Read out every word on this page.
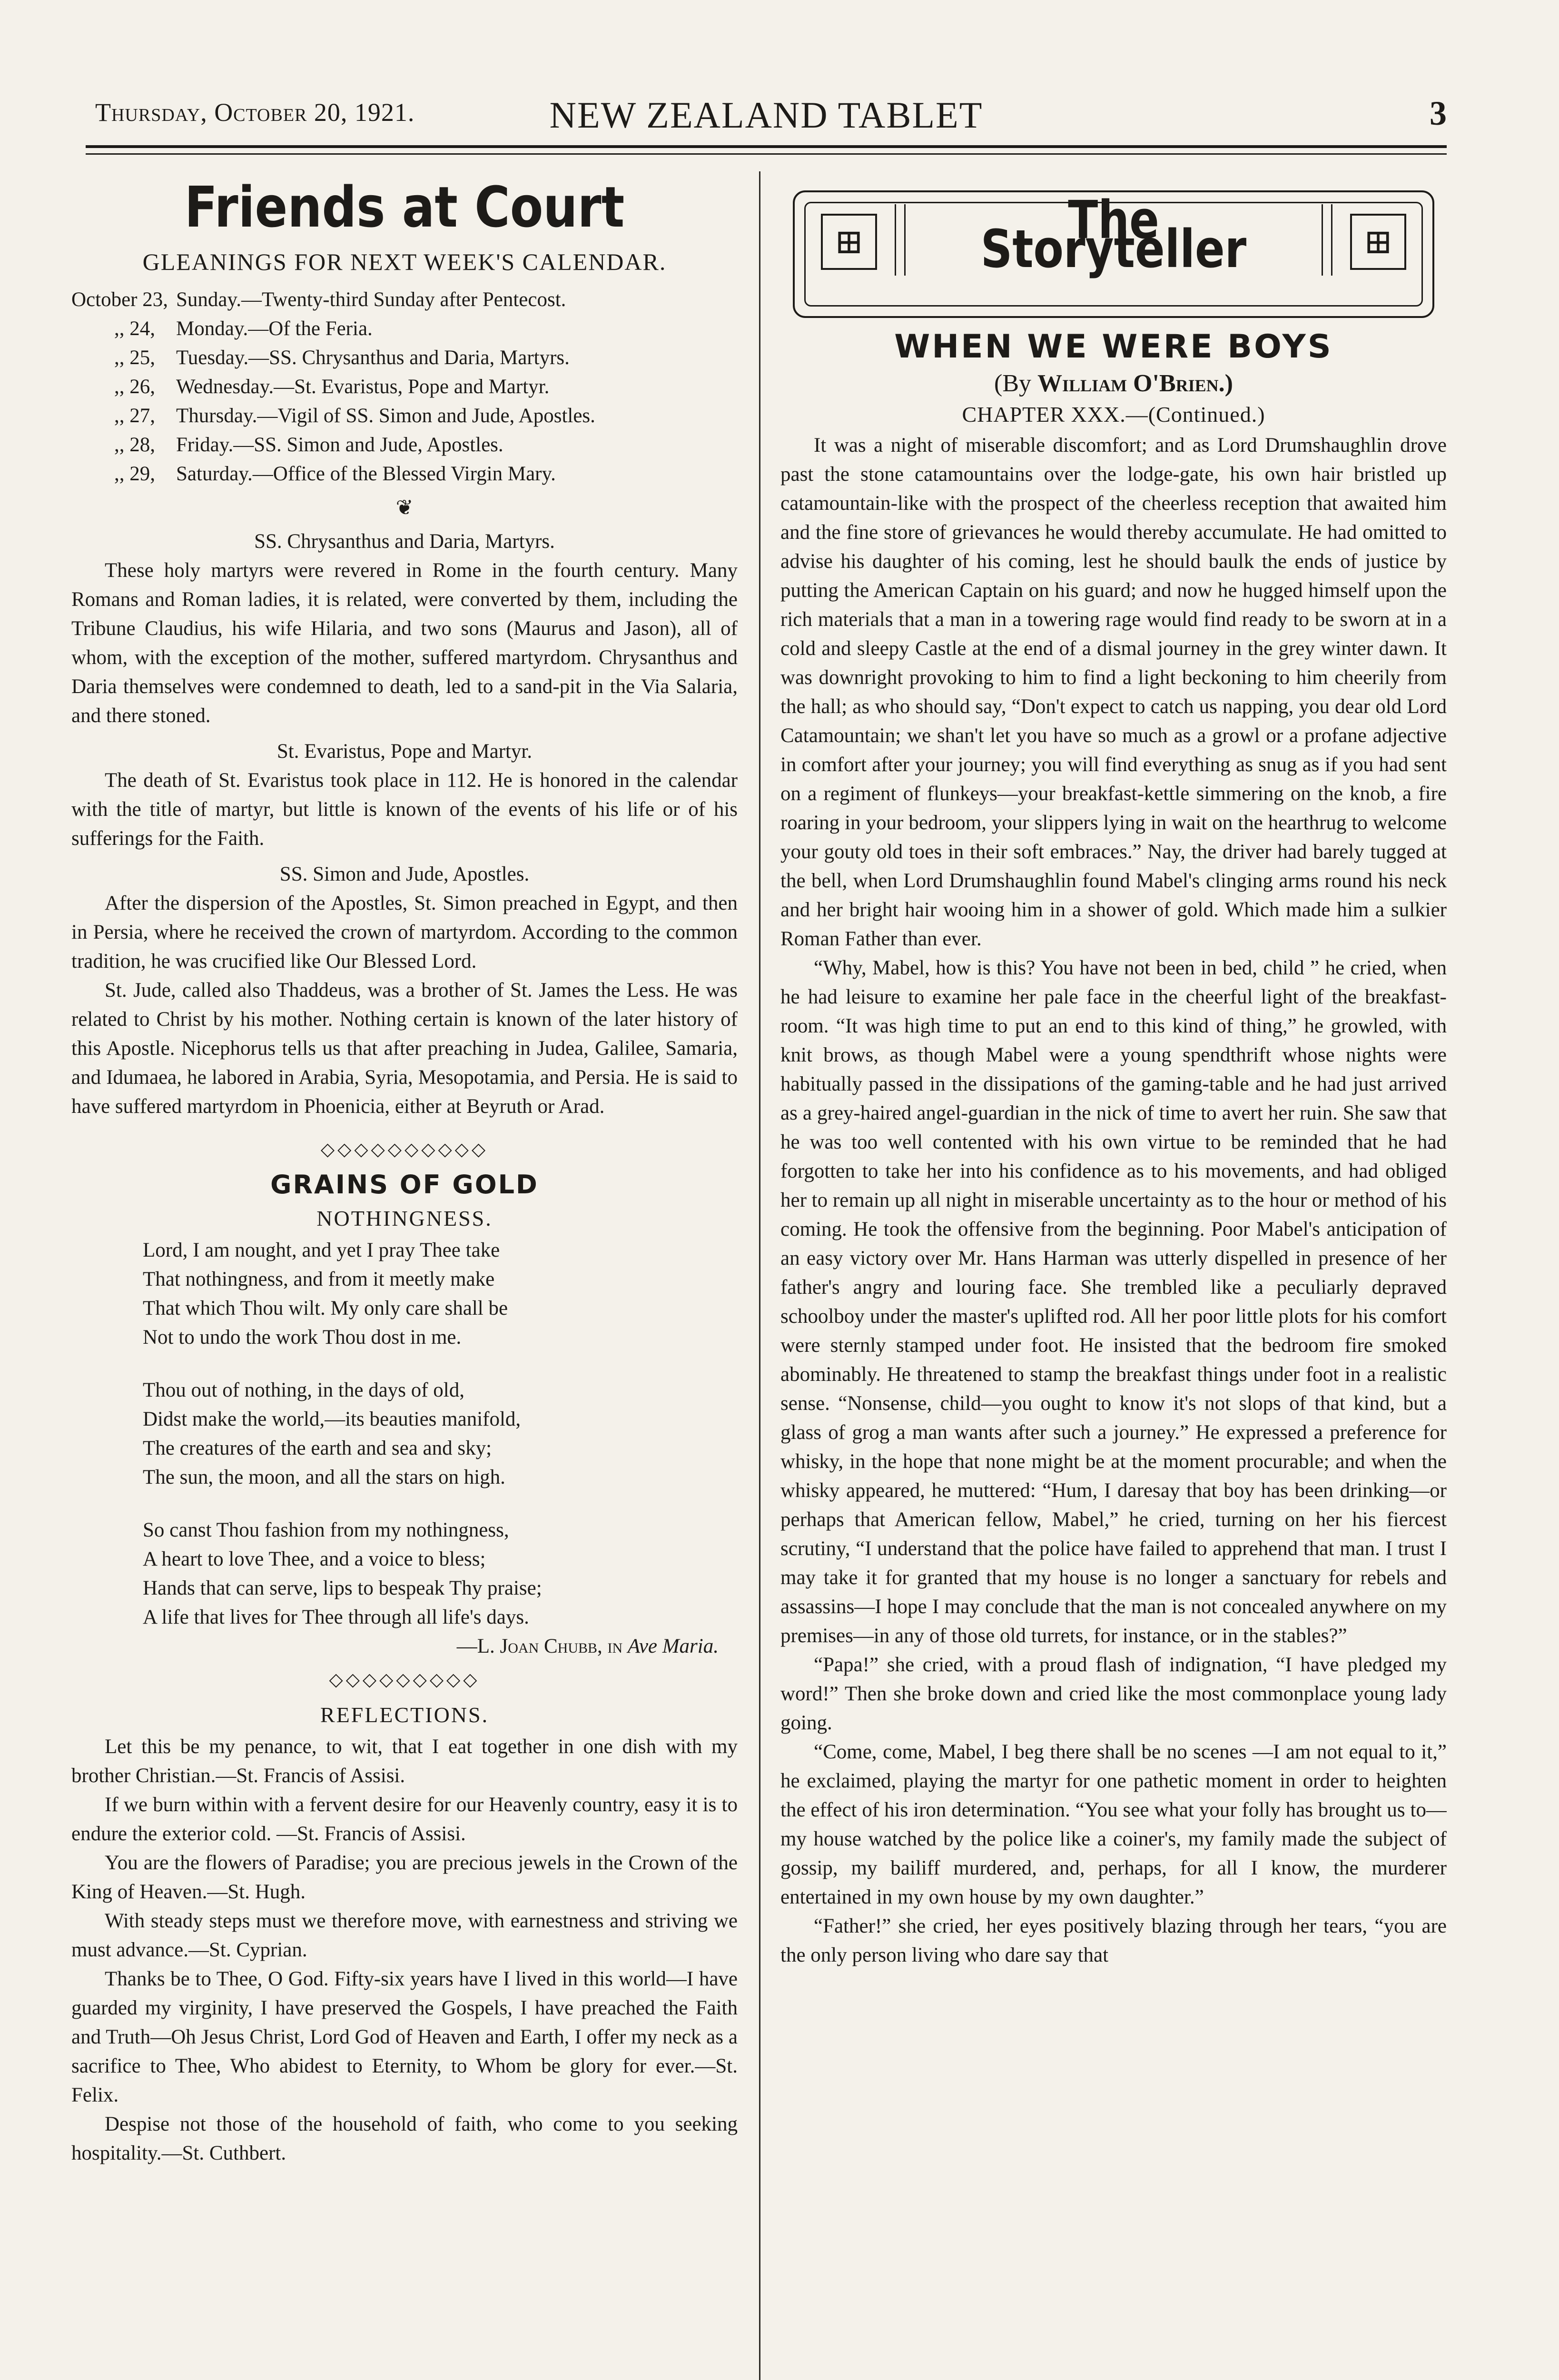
Thursday, October 20, 1921.	NEW ZEALAND TABLET	3
Friends at Court
GLEANINGS FOR NEXT WEEK'S CALENDAR.
October 23, Sunday.—Twenty-third Sunday after Pentecost.
,, 24,	Monday.—Of the Feria.
,, 25,	Tuesday.—SS. Chrysanthus and Daria, Martyrs.
,, 26,	Wednesday.—St. Evaristus, Pope and Martyr.
,, 27,	Thursday.—Vigil of SS. Simon and Jude, Apostles.
,, 28,	Friday.—SS. Simon and Jude, Apostles.
,, 29,	Saturday.—Office of the Blessed Virgin Mary.
❦

SS. Chrysanthus and Daria, Martyrs.

These holy martyrs were revered in Rome in the fourth century. Many Romans and Roman ladies, it is related, were converted by them, including the Tribune Claudius, his wife Hilaria, and two sons (Maurus and Jason), all of whom, with the exception of the mother, suffered martyrdom. Chrysanthus and Daria themselves were condemned to death, led to a sand-pit in the Via Salaria, and there stoned.

St. Evaristus, Pope and Martyr.

The death of St. Evaristus took place in 112. He is honored in the calendar with the title of martyr, but little is known of the events of his life or of his sufferings for the Faith.

SS. Simon and Jude, Apostles.

After the dispersion of the Apostles, St. Simon preached in Egypt, and then in Persia, where he received the crown of martyrdom. According to the common tradition, he was crucified like Our Blessed Lord.

St. Jude, called also Thaddeus, was a brother of St. James the Less. He was related to Christ by his mother. Nothing certain is known of the later history of this Apostle. Nicephorus tells us that after preaching in Judea, Galilee, Samaria, and Idumaea, he labored in Arabia, Syria, Mesopotamia, and Persia. He is said to have suffered martyrdom in Phoenicia, either at Beyruth or Arad.

◇◇◇◇◇◇◇◇◇◇
GRAINS OF GOLD
NOTHINGNESS.
Lord, I am nought, and yet I pray Thee take
That nothingness, and from it meetly make
That which Thou wilt. My only care shall be
Not to undo the work Thou dost in me.
Thou out of nothing, in the days of old,
Didst make the world,—its beauties manifold,
The creatures of the earth and sea and sky;
The sun, the moon, and all the stars on high.
So canst Thou fashion from my nothingness,
A heart to love Thee, and a voice to bless;
Hands that can serve, lips to bespeak Thy praise;
A life that lives for Thee through all life's days.
—L. Joan Chubb, in Ave Maria.
◇◇◇◇◇◇◇◇◇
REFLECTIONS.

Let this be my penance, to wit, that I eat together in one dish with my brother Christian.—St. Francis of Assisi.

If we burn within with a fervent desire for our Heavenly country, easy it is to endure the exterior cold. —St. Francis of Assisi.

You are the flowers of Paradise; you are precious jewels in the Crown of the King of Heaven.—St. Hugh.

With steady steps must we therefore move, with earnestness and striving we must advance.—St. Cyprian.

Thanks be to Thee, O God. Fifty-six years have I lived in this world—I have guarded my virginity, I have preserved the Gospels, I have preached the Faith and Truth—Oh Jesus Christ, Lord God of Heaven and Earth, I offer my neck as a sacrifice to Thee, Who abidest to Eternity, to Whom be glory for ever.—St. Felix.

Despise not those of the household of faith, who come to you seeking hospitality.—St. Cuthbert.

⊞	The Storyteller	⊞
WHEN WE WERE BOYS
(By William O'Brien.)
CHAPTER XXX.—(Continued.)

It was a night of miserable discomfort; and as Lord Drumshaughlin drove past the stone catamountains over the lodge-gate, his own hair bristled up catamountain-like with the prospect of the cheerless reception that awaited him and the fine store of grievances he would thereby accumulate. He had omitted to advise his daughter of his coming, lest he should baulk the ends of justice by putting the American Captain on his guard; and now he hugged himself upon the rich materials that a man in a towering rage would find ready to be sworn at in a cold and sleepy Castle at the end of a dismal journey in the grey winter dawn. It was downright provoking to him to find a light beckoning to him cheerily from the hall; as who should say, “Don't expect to catch us napping, you dear old Lord Catamountain; we shan't let you have so much as a growl or a profane adjective in comfort after your journey; you will find everything as snug as if you had sent on a regiment of flunkeys—your breakfast-kettle simmering on the knob, a fire roaring in your bedroom, your slippers lying in wait on the hearthrug to welcome your gouty old toes in their soft embraces.” Nay, the driver had barely tugged at the bell, when Lord Drumshaughlin found Mabel's clinging arms round his neck and her bright hair wooing him in a shower of gold. Which made him a sulkier Roman Father than ever.

“Why, Mabel, how is this? You have not been in bed, child ” he cried, when he had leisure to examine her pale face in the cheerful light of the breakfast-room. “It was high time to put an end to this kind of thing,” he growled, with knit brows, as though Mabel were a young spendthrift whose nights were habitually passed in the dissipations of the gaming-table and he had just arrived as a grey-haired angel-guardian in the nick of time to avert her ruin. She saw that he was too well contented with his own virtue to be reminded that he had forgotten to take her into his confidence as to his movements, and had obliged her to remain up all night in miserable uncertainty as to the hour or method of his coming. He took the offensive from the beginning. Poor Mabel's anticipation of an easy victory over Mr. Hans Harman was utterly dispelled in presence of her father's angry and louring face. She trembled like a peculiarly depraved schoolboy under the master's uplifted rod. All her poor little plots for his comfort were sternly stamped under foot. He insisted that the bedroom fire smoked abominably. He threatened to stamp the breakfast things under foot in a realistic sense. “Nonsense, child—you ought to know it's not slops of that kind, but a glass of grog a man wants after such a journey.” He expressed a preference for whisky, in the hope that none might be at the moment procurable; and when the whisky appeared, he muttered: “Hum, I daresay that boy has been drinking—or perhaps that American fellow, Mabel,” he cried, turning on her his fiercest scrutiny, “I understand that the police have failed to apprehend that man. I trust I may take it for granted that my house is no longer a sanctuary for rebels and assassins—I hope I may conclude that the man is not concealed anywhere on my premises—in any of those old turrets, for instance, or in the stables?”

“Papa!” she cried, with a proud flash of indignation, “I have pledged my word!” Then she broke down and cried like the most commonplace young lady going.

“Come, come, Mabel, I beg there shall be no scenes —I am not equal to it,” he exclaimed, playing the martyr for one pathetic moment in order to heighten the effect of his iron determination. “You see what your folly has brought us to—my house watched by the police like a coiner's, my family made the subject of gossip, my bailiff murdered, and, perhaps, for all I know, the murderer entertained in my own house by my own daughter.”

“Father!” she cried, her eyes positively blazing through her tears, “you are the only person living who dare say that
